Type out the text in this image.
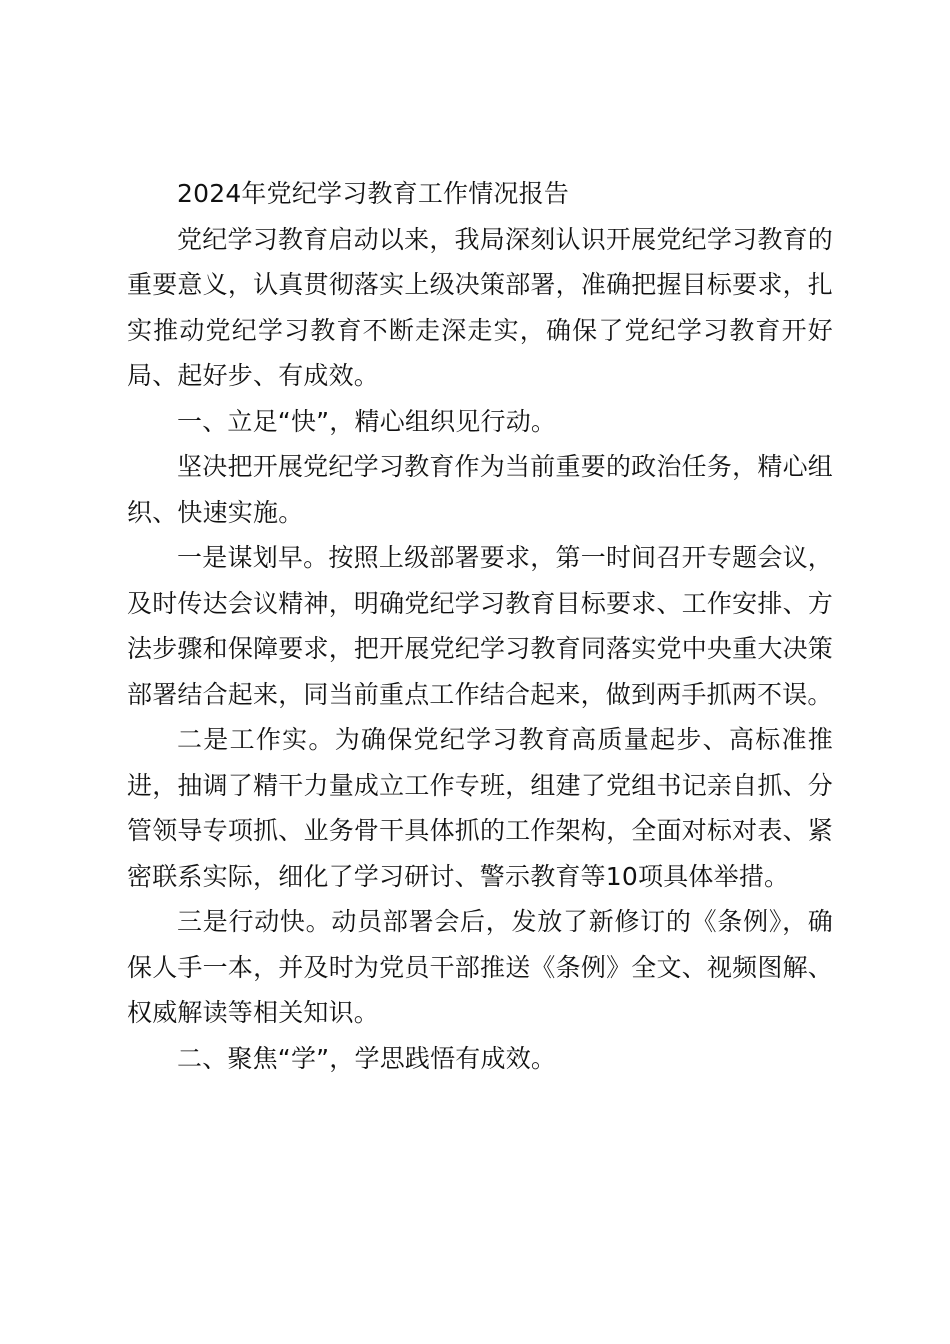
2024年党纪学习教育工作情况报告

党纪学习教育启动以来，我局深刻认识开展党纪学习教育的重要意义，认真贯彻落实上级决策部署，准确把握目标要求，扎实推动党纪学习教育不断走深走实，确保了党纪学习教育开好局、起好步、有成效。

一、立足“快”，精心组织见行动。

坚决把开展党纪学习教育作为当前重要的政治任务，精心组织、快速实施。

一是谋划早。按照上级部署要求，第一时间召开专题会议，及时传达会议精神，明确党纪学习教育目标要求、工作安排、方法步骤和保障要求，把开展党纪学习教育同落实党中央重大决策部署结合起来，同当前重点工作结合起来，做到两手抓两不误。

二是工作实。为确保党纪学习教育高质量起步、高标准推进，抽调了精干力量成立工作专班，组建了党组书记亲自抓、分管领导专项抓、业务骨干具体抓的工作架构，全面对标对表、紧密联系实际，细化了学习研讨、警示教育等10项具体举措。

三是行动快。动员部署会后，发放了新修订的《条例》，确保人手一本，并及时为党员干部推送《条例》全文、视频图解、权威解读等相关知识。

二、聚焦“学”，学思践悟有成效。
